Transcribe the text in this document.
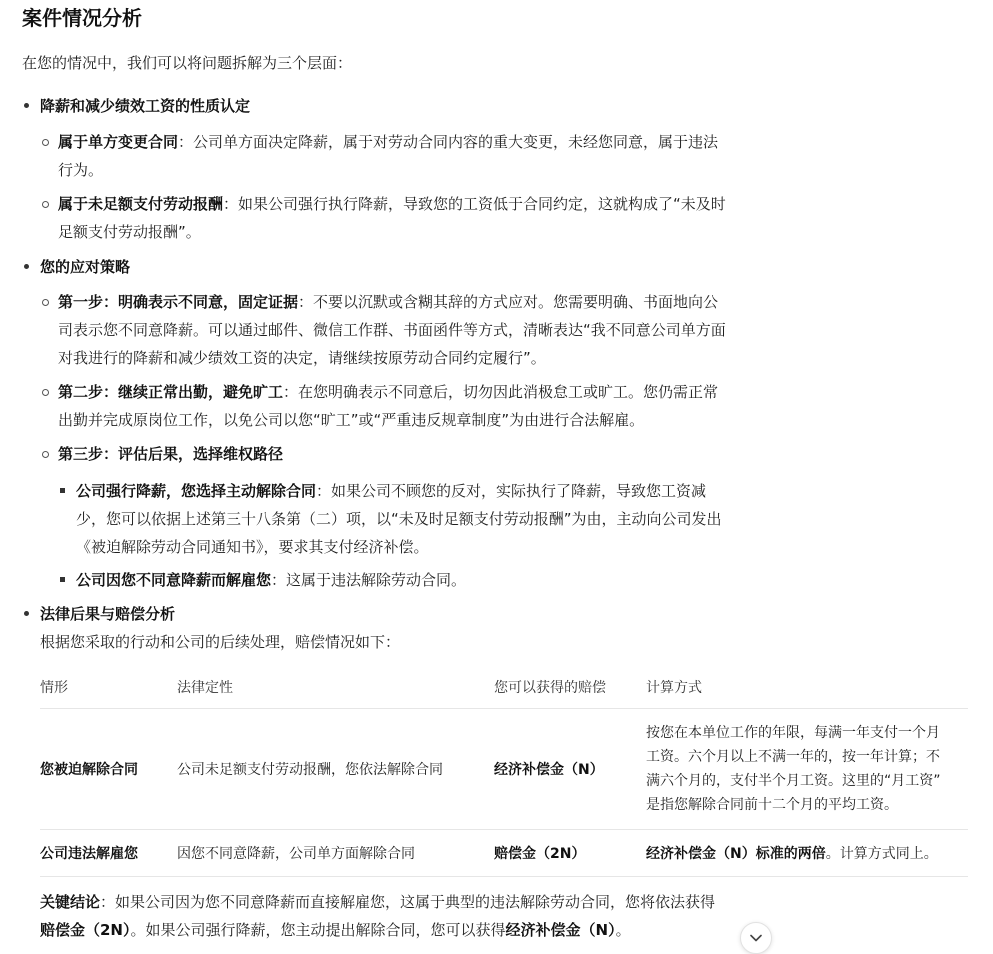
案件情况分析
在您的情况中，我们可以将问题拆解为三个层面：
降薪和减少绩效工资的性质认定
属于单方变更合同：公司单方面决定降薪，属于对劳动合同内容的重大变更，未经您同意，属于违法
行为。
属于未足额支付劳动报酬：如果公司强行执行降薪，导致您的工资低于合同约定，这就构成了“未及时
足额支付劳动报酬”。
您的应对策略
第一步：明确表示不同意，固定证据：不要以沉默或含糊其辞的方式应对。您需要明确、书面地向公
司表示您不同意降薪。可以通过邮件、微信工作群、书面函件等方式，清晰表达“我不同意公司单方面
对我进行的降薪和减少绩效工资的决定，请继续按原劳动合同约定履行”。
第二步：继续正常出勤，避免旷工：在您明确表示不同意后，切勿因此消极怠工或旷工。您仍需正常
出勤并完成原岗位工作，以免公司以您“旷工”或“严重违反规章制度”为由进行合法解雇。
第三步：评估后果，选择维权路径
公司强行降薪，您选择主动解除合同：如果公司不顾您的反对，实际执行了降薪，导致您工资减
少，您可以依据上述第三十八条第（二）项，以“未及时足额支付劳动报酬”为由，主动向公司发出
《被迫解除劳动合同通知书》，要求其支付经济补偿。
公司因您不同意降薪而解雇您：这属于违法解除劳动合同。
法律后果与赔偿分析
根据您采取的行动和公司的后续处理，赔偿情况如下：
情形	法律定性	您可以获得的赔偿	计算方式
您被迫解除合同	公司未足额支付劳动报酬，您依法解除合同	经济补偿金（N）	按您在本单位工作的年限，每满一年支付一个月
工资。六个月以上不满一年的，按一年计算；不
满六个月的，支付半个月工资。这里的“月工资”
是指您解除合同前十二个月的平均工资。

公司违法解雇您	因您不同意降薪，公司单方面解除合同	赔偿金（2N）	经济补偿金（N）标准的两倍。计算方式同上。
关键结论：如果公司因为您不同意降薪而直接解雇您，这属于典型的违法解除劳动合同，您将依法获得
赔偿金（2N）。如果公司强行降薪，您主动提出解除合同，您可以获得经济补偿金（N）。
